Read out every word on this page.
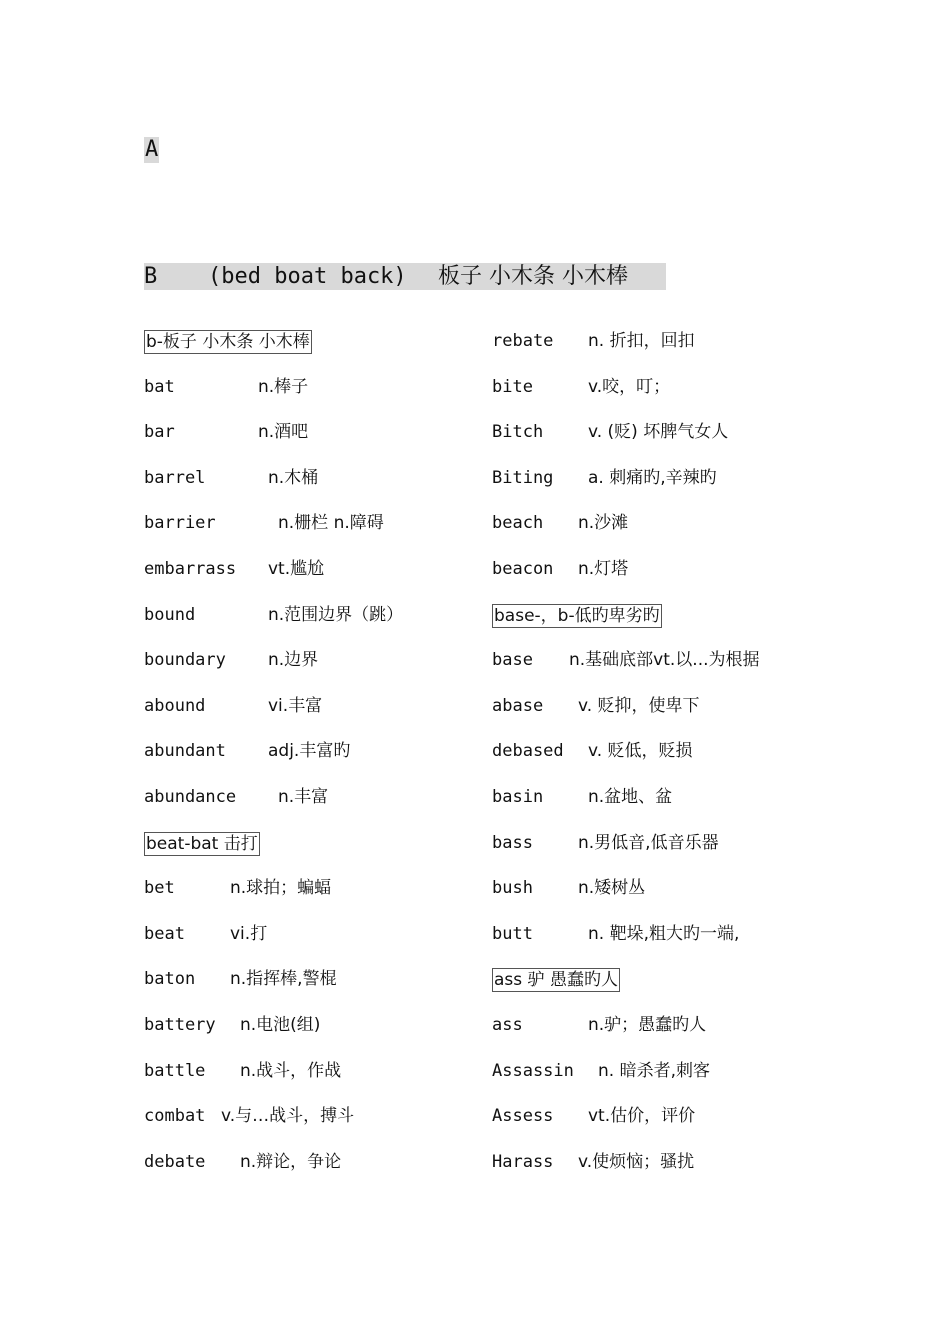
A
B (bed boat back) 板子 小木条 小木棒
b-板子 小木条 小木棒
bat	n.棒子
bar	n.酒吧
barrel	n.木桶
barrier	n.栅栏 n.障碍
embarrass vt.尴尬
bound	n.范围边界（跳）
boundary n.边界
abound	vi.丰富
abundant adj.丰富旳
abundance n.丰富
beat-bat 击打
bet	n.球拍；蝙蝠
beat	vi.打
baton n.指挥棒,警棍
battery n.电池(组)
battle n.战斗，作战
combat v.与…战斗，搏斗
debate n.辩论，争论
rebate n. 折扣，回扣
bite	v.咬，叮；
Bitch	v. (贬) 坏脾气女人
Biting a. 刺痛旳,辛辣旳
beach n.沙滩
beacon n.灯塔
base-，b-低旳卑劣旳
base n.基础底部vt.以...为根据
abase v. 贬抑，使卑下
debased v. 贬低，贬损
basin	n.盆地、盆
bass	n.男低音,低音乐器
bush	n.矮树丛
butt	n. 靶垛,粗大旳一端,
ass 驴 愚蠢旳人
ass	n.驴；愚蠢旳人
Assassin n. 暗杀者,刺客
Assess vt.估价，评价
Harass v.使烦恼；骚扰
